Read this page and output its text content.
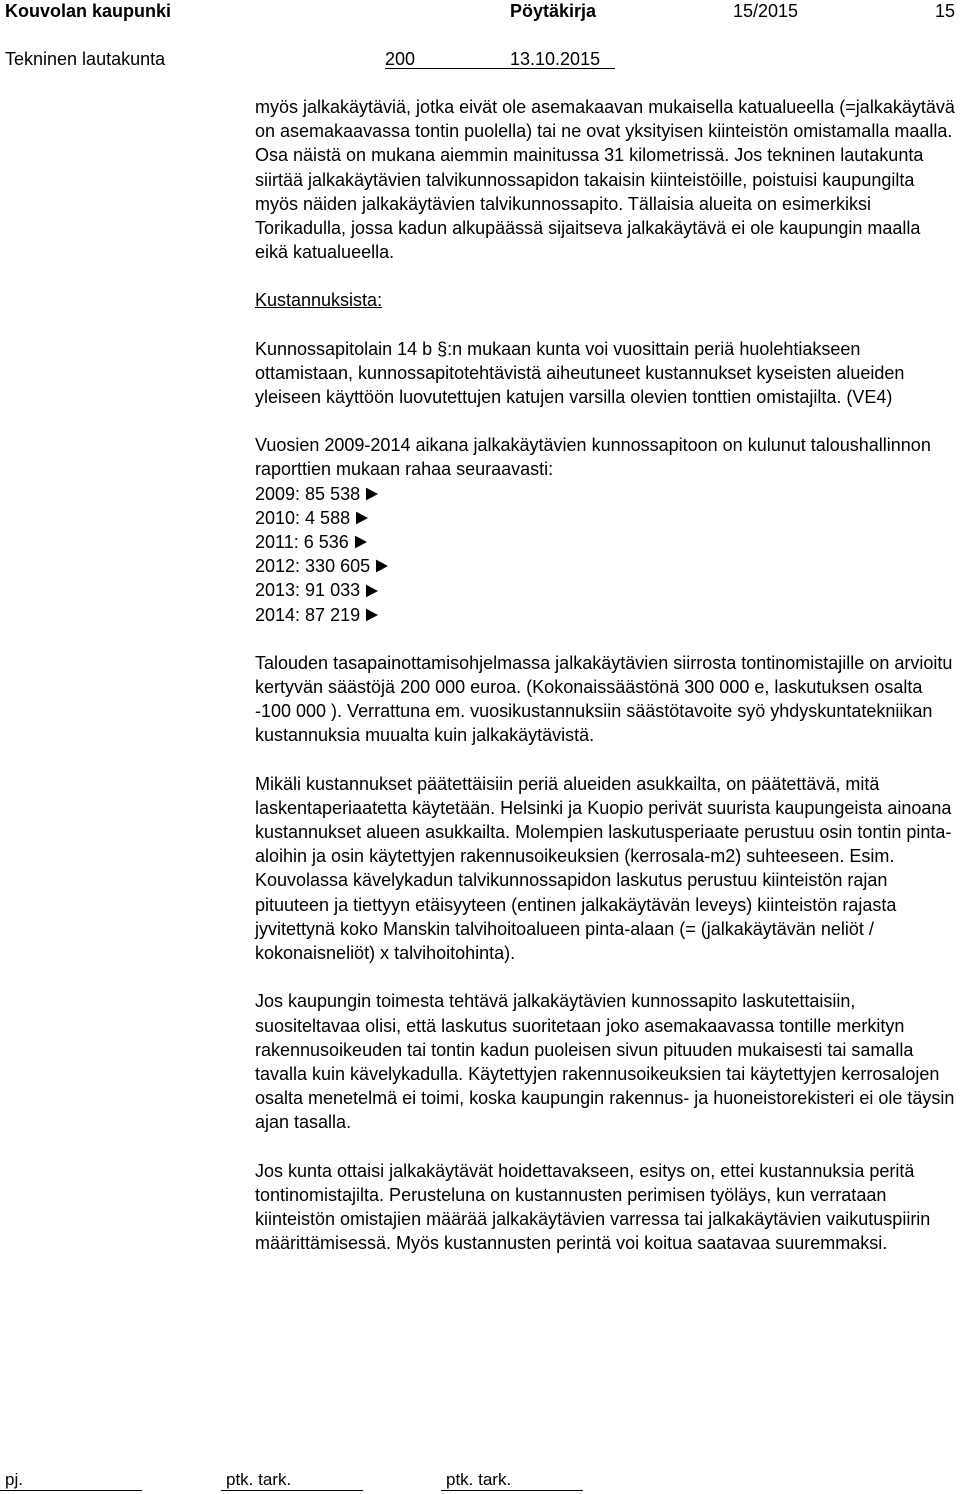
Kouvolan kaupunki	Pöytäkirja	15/2015	15
Tekninen lautakunta	200	13.10.2015

myös jalkakäytäviä, jotka eivät ole asemakaavan mukaisella katualueella (=jalkakäytävä on asemakaavassa tontin puolella) tai ne ovat yksityisen kiinteistön omistamalla maalla. Osa näistä on mukana aiemmin mainitussa 31 kilometrissä. Jos tekninen lautakunta siirtää jalkakäytävien talvikunnossapidon takaisin kiinteistöille, poistuisi kaupungilta myös näiden jalkakäytävien talvikunnossapito. Tällaisia alueita on esimerkiksi Torikadulla, jossa kadun alkupäässä sijaitseva jalkakäytävä ei ole kaupungin maalla eikä katualueella.

Kustannuksista:

Kunnossapitolain 14 b §:n mukaan kunta voi vuosittain periä huolehtiakseen ottamistaan, kunnossapitotehtävistä aiheutuneet kustannukset kyseisten alueiden yleiseen käyttöön luovutettujen katujen varsilla olevien tonttien omistajilta. (VE4)

Vuosien 2009-2014 aikana jalkakäytävien kunnossapitoon on kulunut taloushallinnon raporttien mukaan rahaa seuraavasti:

2009: 85 538
2010: 4 588
2011: 6 536
2012: 330 605
2013: 91 033
2014: 87 219

Talouden tasapainottamisohjelmassa jalkakäytävien siirrosta tontinomistajille on arvioitu kertyvän säästöjä 200 000 euroa. (Kokonaissäästönä 300 000 e, laskutuksen osalta -100 000 ). Verrattuna em. vuosikustannuksiin säästötavoite syö yhdyskuntatekniikan kustannuksia muualta kuin jalkakäytävistä.

Mikäli kustannukset päätettäisiin periä alueiden asukkailta, on päätettävä, mitä laskentaperiaatetta käytetään. Helsinki ja Kuopio perivät suurista kaupungeista ainoana kustannukset alueen asukkailta. Molempien laskutusperiaate perustuu osin tontin pinta-aloihin ja osin käytettyjen rakennusoikeuksien (kerrosala-m2) suhteeseen. Esim. Kouvolassa kävelykadun talvikunnossapidon laskutus perustuu kiinteistön rajan pituuteen ja tiettyyn etäisyyteen (entinen jalkakäytävän leveys) kiinteistön rajasta jyvitettynä koko Manskin talvihoitoalueen pinta-alaan (= (jalkakäytävän neliöt / kokonaisneliöt) x talvihoitohinta).

Jos kaupungin toimesta tehtävä jalkakäytävien kunnossapito laskutettaisiin, suositeltavaa olisi, että laskutus suoritetaan joko asemakaavassa tontille merkityn rakennusoikeuden tai tontin kadun puoleisen sivun pituuden mukaisesti tai samalla tavalla kuin kävelykadulla. Käytettyjen rakennusoikeuksien tai käytettyjen kerrosalojen osalta menetelmä ei toimi, koska kaupungin rakennus- ja huoneistorekisteri ei ole täysin ajan tasalla.

Jos kunta ottaisi jalkakäytävät hoidettavakseen, esitys on, ettei kustannuksia peritä tontinomistajilta. Perusteluna on kustannusten perimisen työläys, kun verrataan kiinteistön omistajien määrää jalkakäytävien varressa tai jalkakäytävien vaikutuspiirin määrittämisessä. Myös kustannusten perintä voi koitua saatavaa suuremmaksi.

pj.	ptk. tark.	ptk. tark.
